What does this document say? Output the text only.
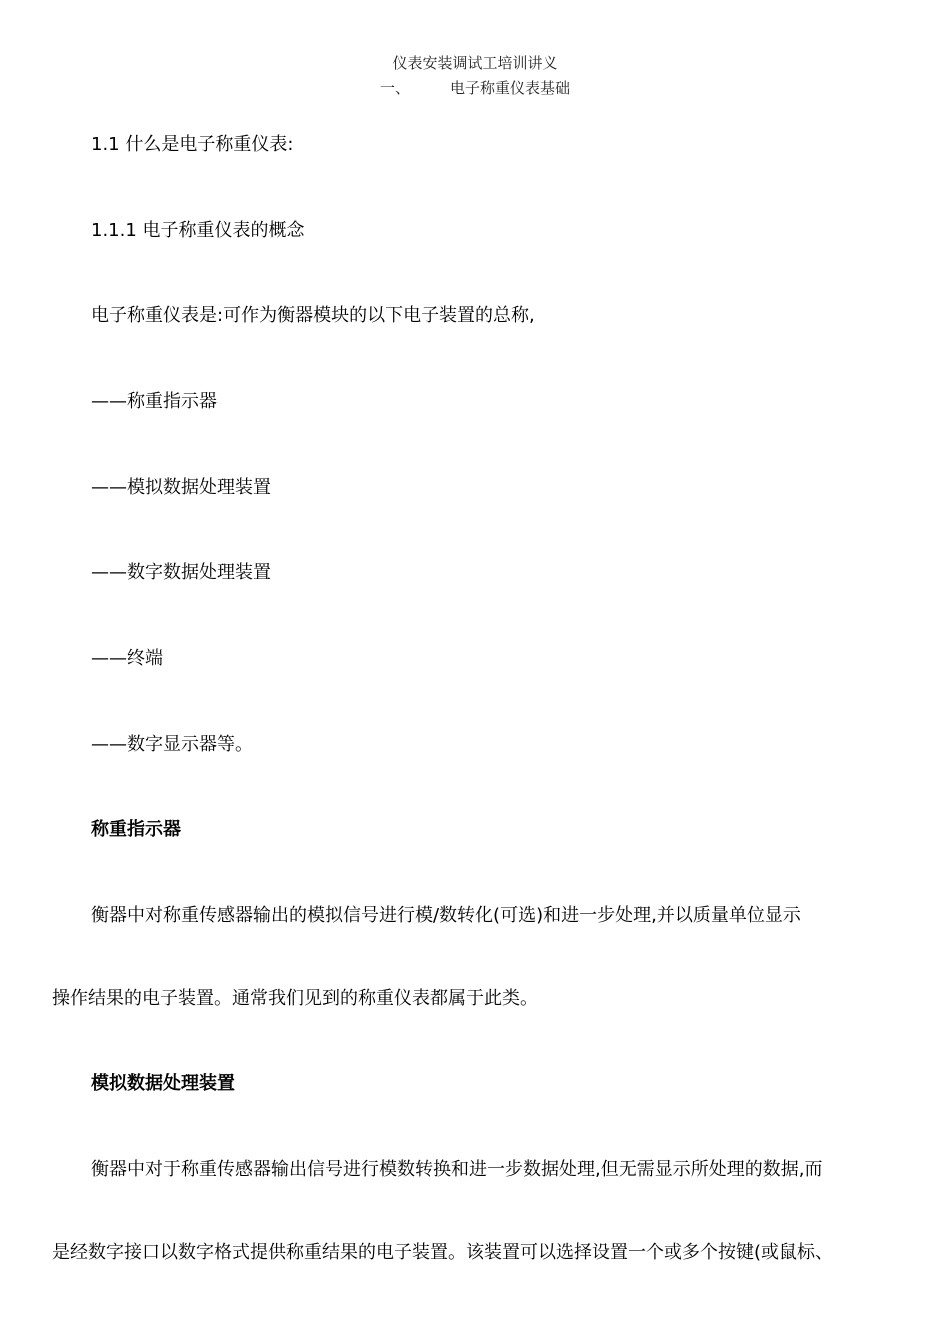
仪表安装调试工培训讲义
一、	电子称重仪表基础
1.1 什么是电子称重仪表:
1.1.1 电子称重仪表的概念
电子称重仪表是:可作为衡器模块的以下电子装置的总称,
——称重指示器
——模拟数据处理装置
——数字数据处理装置
——终端
——数字显示器等。
称重指示器
衡器中对称重传感器输出的模拟信号进行模/数转化(可选)和进一步处理,并以质量单位显示
操作结果的电子装置。通常我们见到的称重仪表都属于此类。
模拟数据处理装置
衡器中对于称重传感器输出信号进行模数转换和进一步数据处理,但无需显示所处理的数据,而
是经数字接口以数字格式提供称重结果的电子装置。该装置可以选择设置一个或多个按键(或鼠标、
